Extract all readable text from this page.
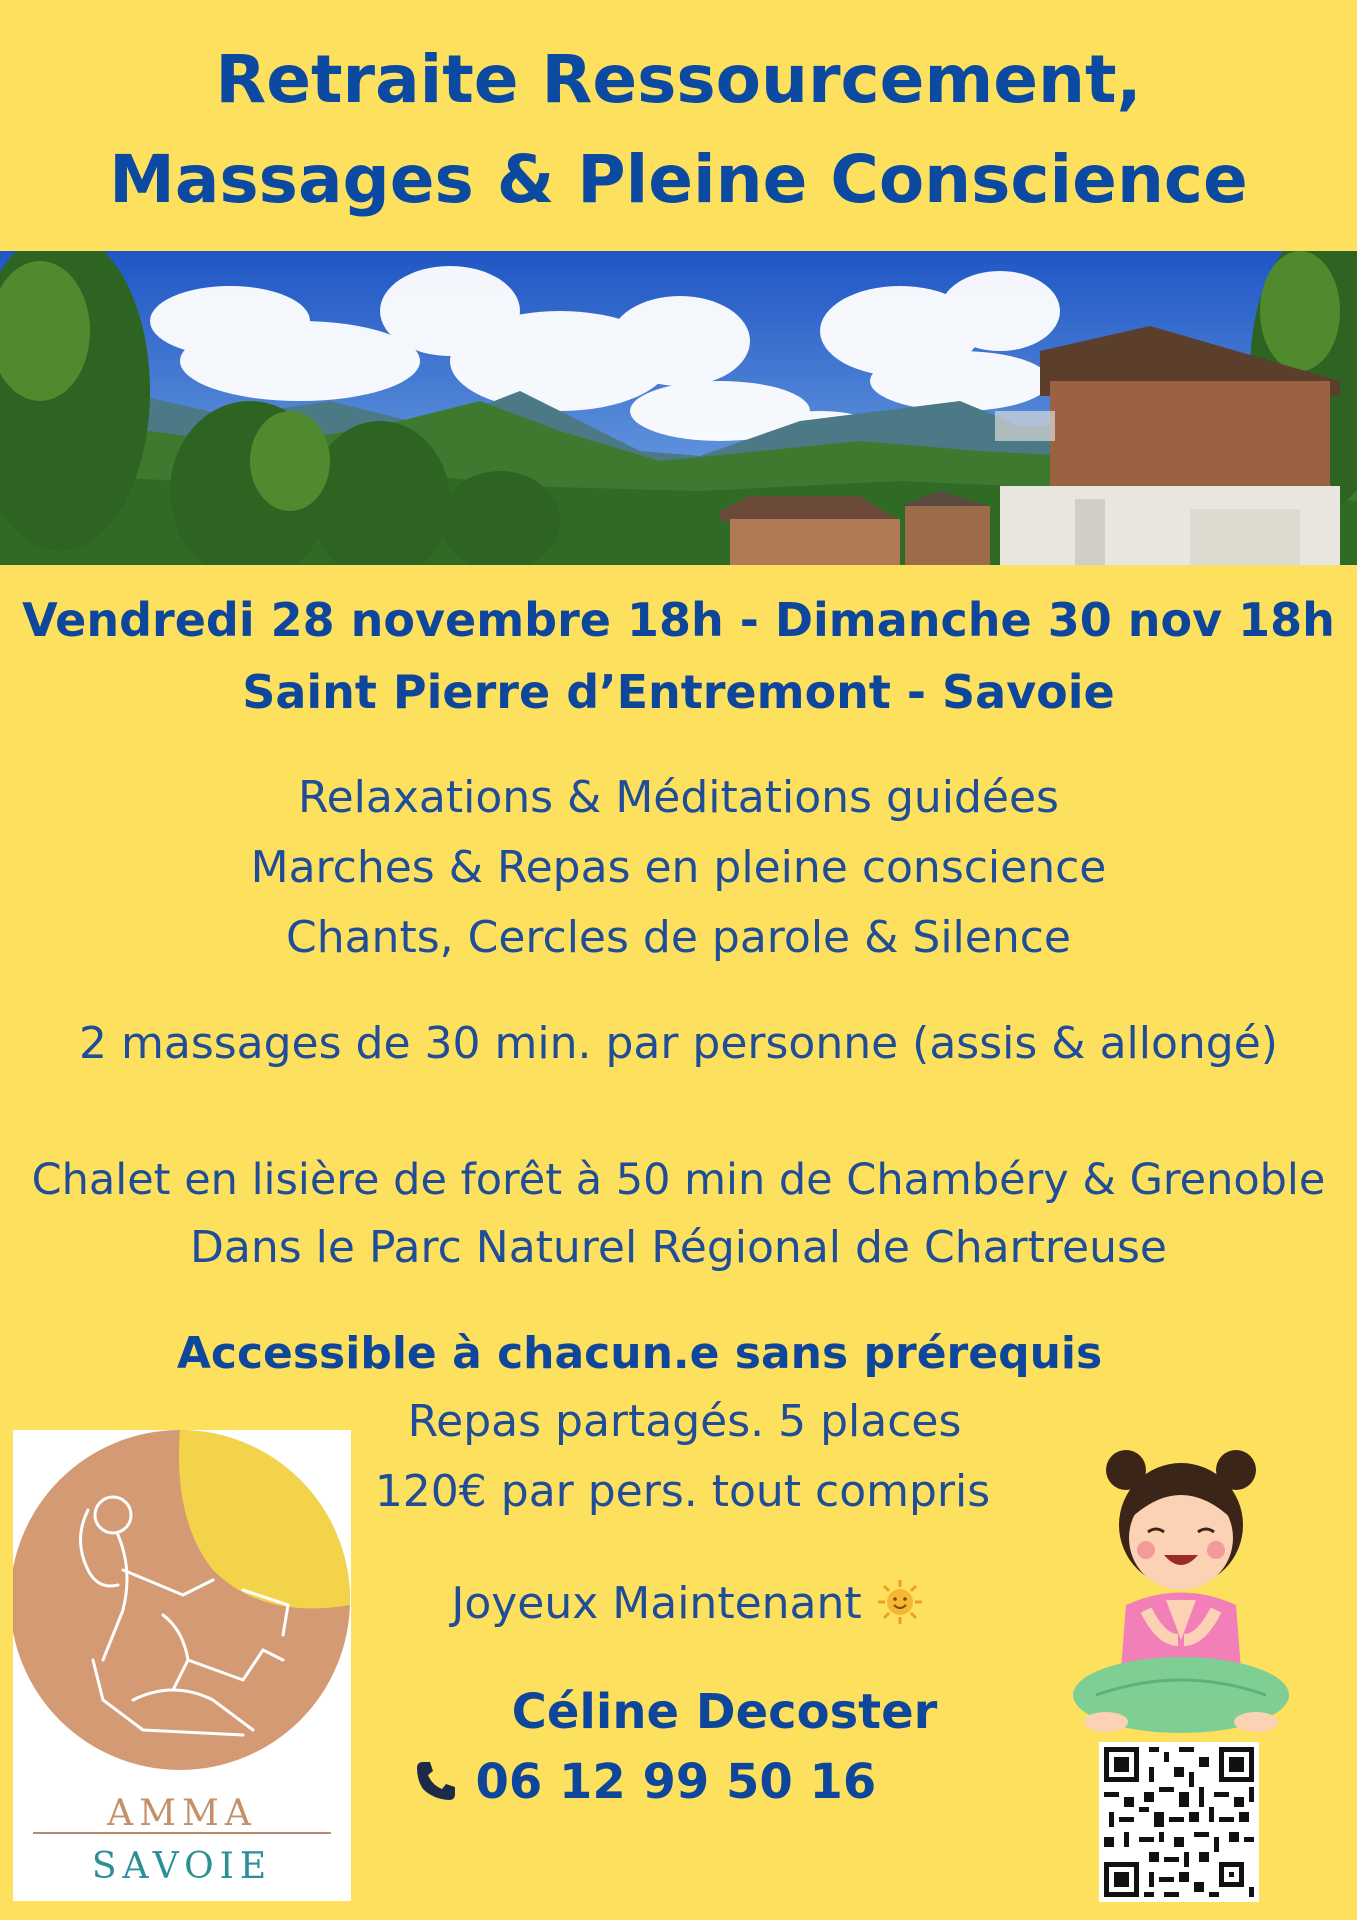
Retraite Ressourcement,
Massages & Pleine Conscience
Vendredi 28 novembre 18h - Dimanche 30 nov 18h
Saint Pierre d’Entremont - Savoie
Relaxations & Méditations guidées
Marches & Repas en pleine conscience
Chants, Cercles de parole & Silence
2 massages de 30 min. par personne (assis & allongé)
Chalet en lisière de forêt à 50 min de Chambéry & Grenoble
Dans le Parc Naturel Régional de Chartreuse
Accessible à chacun.e sans prérequis
Repas partagés. 5 places
120€ par pers. tout compris
Joyeux Maintenant
Céline Decoster
06 12 99 50 16
AMMA
SAVOIE
